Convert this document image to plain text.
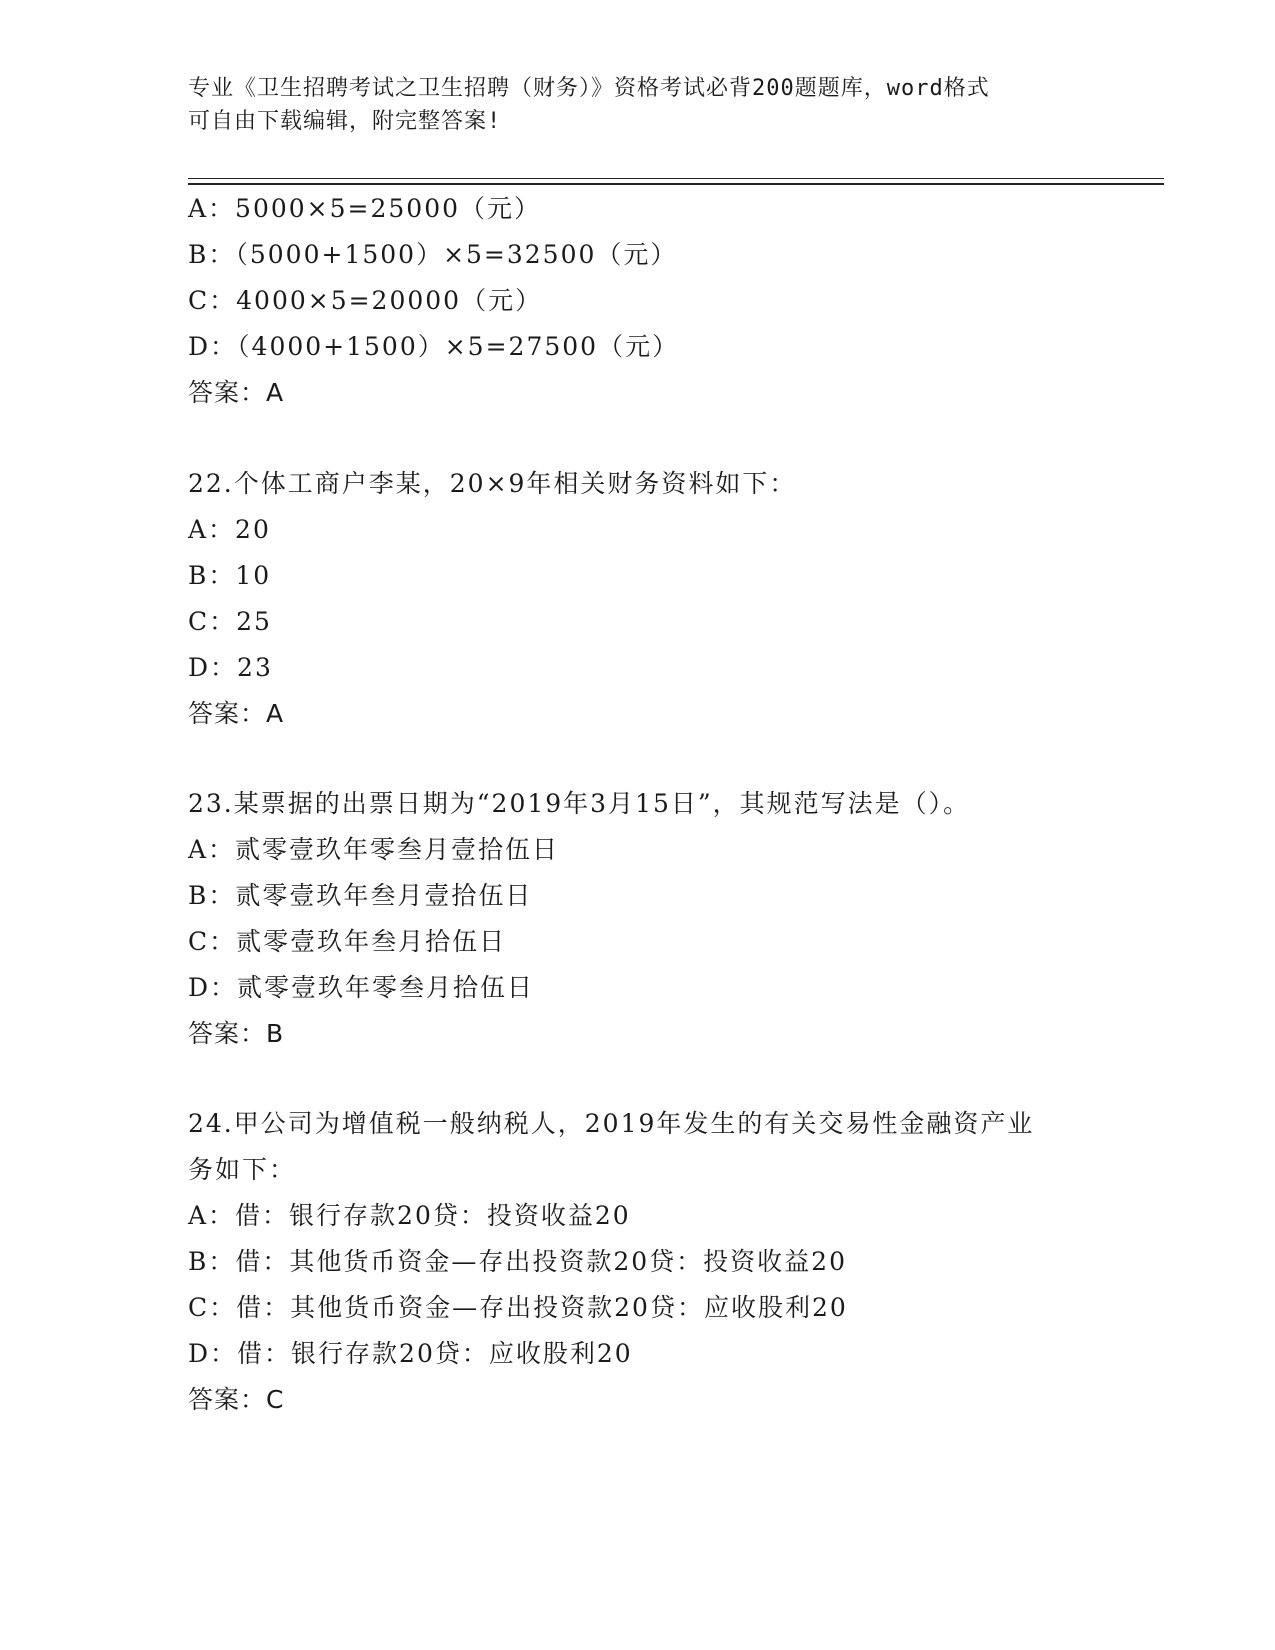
专业《卫生招聘考试之卫生招聘（财务）》资格考试必背200题题库，word格式
可自由下载编辑，附完整答案!
A：5000×5=25000（元）
B：（5000+1500）×5=32500（元）
C：4000×5=20000（元）
D：（4000+1500）×5=27500（元）
答案：A
22.个体工商户李某，20×9年相关财务资料如下：
A：20
B：10
C：25
D：23
答案：A
23.某票据的出票日期为“2019年3月15日”，其规范写法是（）。
A：贰零壹玖年零叁月壹拾伍日
B：贰零壹玖年叁月壹拾伍日
C：贰零壹玖年叁月拾伍日
D：贰零壹玖年零叁月拾伍日
答案：B
24.甲公司为增值税一般纳税人，2019年发生的有关交易性金融资产业
务如下：
A：借：银行存款20贷：投资收益20
B：借：其他货币资金—存出投资款20贷：投资收益20
C：借：其他货币资金—存出投资款20贷：应收股利20
D：借：银行存款20贷：应收股利20
答案：C
